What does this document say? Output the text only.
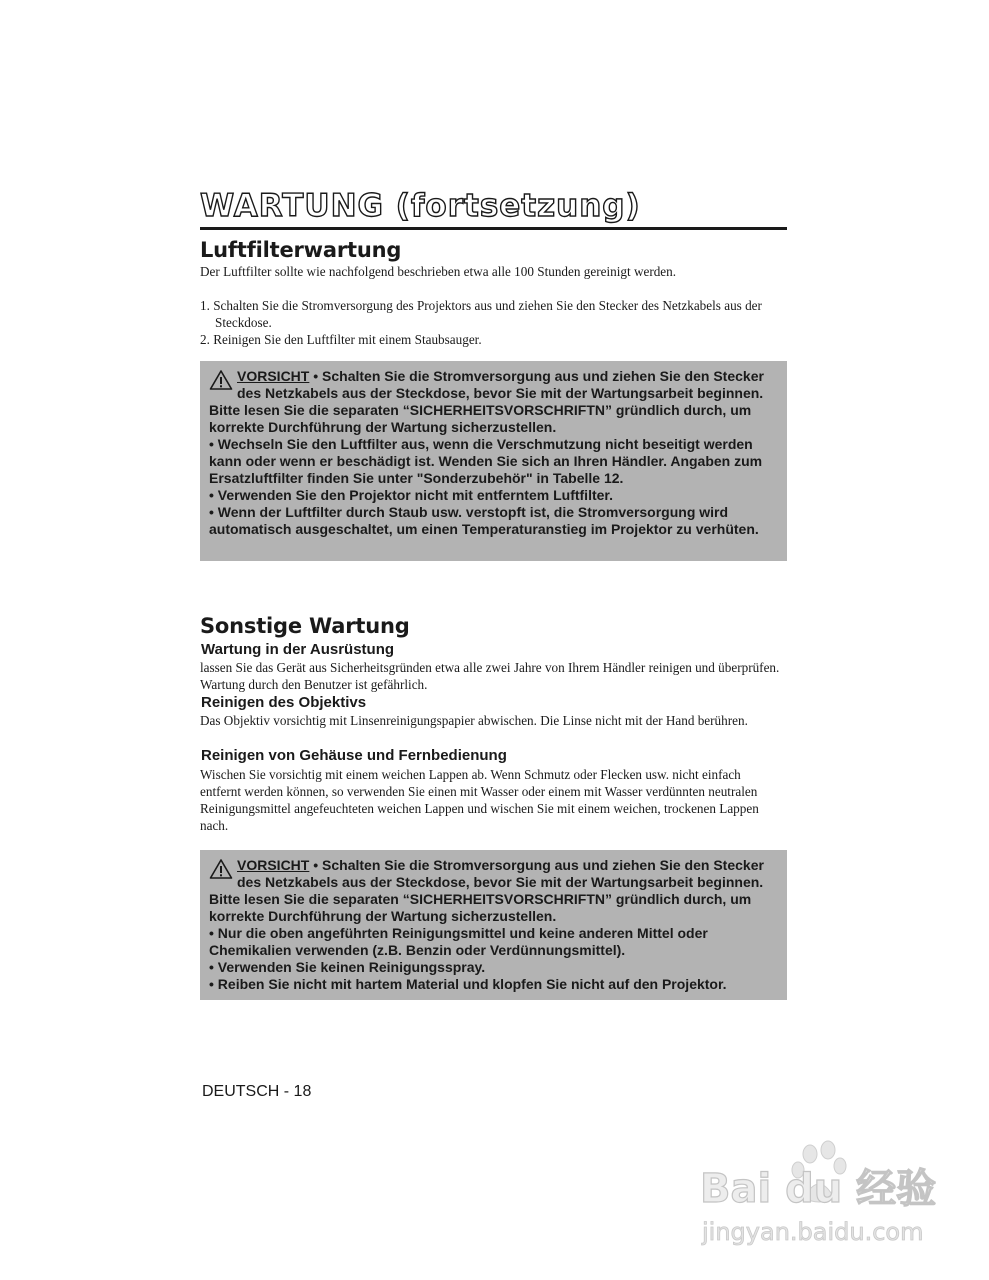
WARTUNG (fortsetzung)
Luftfilterwartung

Der Luftfilter sollte wie nachfolgend beschrieben etwa alle 100 Stunden gereinigt werden.

1. Schalten Sie die Stromversorgung des Projektors aus und ziehen Sie den Stecker des Netzkabels aus der Steckdose.
2. Reinigen Sie den Luftfilter mit einem Staubsauger.

VORSICHT • Schalten Sie die Stromversorgung aus und ziehen Sie den Stecker des Netzkabels aus der Steckdose, bevor Sie mit der Wartungsarbeit beginnen. Bitte lesen Sie die separaten “SICHERHEITSVORSCHRIFTN” gründlich durch, um korrekte Durchführung der Wartung sicherzustellen.

• Wechseln Sie den Luftfilter aus, wenn die Verschmutzung nicht beseitigt werden kann oder wenn er beschädigt ist. Wenden Sie sich an Ihren Händler. Angaben zum Ersatzluftfilter finden Sie unter "Sonderzubehör" in Tabelle 12.

• Verwenden Sie den Projektor nicht mit entferntem Luftfilter.

• Wenn der Luftfilter durch Staub usw. verstopft ist, die Stromversorgung wird automatisch ausgeschaltet, um einen Temperaturanstieg im Projektor zu verhüten.

Sonstige Wartung
Wartung in der Ausrüstung

lassen Sie das Gerät aus Sicherheitsgründen etwa alle zwei Jahre von Ihrem Händler reinigen und überprüfen. Wartung durch den Benutzer ist gefährlich.

Reinigen des Objektivs

Das Objektiv vorsichtig mit Linsenreinigungspapier abwischen. Die Linse nicht mit der Hand berühren.

Reinigen von Gehäuse und Fernbedienung

Wischen Sie vorsichtig mit einem weichen Lappen ab. Wenn Schmutz oder Flecken usw. nicht einfach entfernt werden können, so verwenden Sie einen mit Wasser oder einem mit Wasser verdünnten neutralen Reinigungsmittel angefeuchteten weichen Lappen und wischen Sie mit einem weichen, trockenen Lappen nach.

VORSICHT • Schalten Sie die Stromversorgung aus und ziehen Sie den Stecker des Netzkabels aus der Steckdose, bevor Sie mit der Wartungsarbeit beginnen. Bitte lesen Sie die separaten “SICHERHEITSVORSCHRIFTN” gründlich durch, um korrekte Durchführung der Wartung sicherzustellen.

• Nur die oben angeführten Reinigungsmittel und keine anderen Mittel oder Chemikalien verwenden (z.B. Benzin oder Verdünnungsmittel).

• Verwenden Sie keinen Reinigungsspray.

• Reiben Sie nicht mit hartem Material und klopfen Sie nicht auf den Projektor.

DEUTSCH - 18
Bai du 经验
jingyan.baidu.com
